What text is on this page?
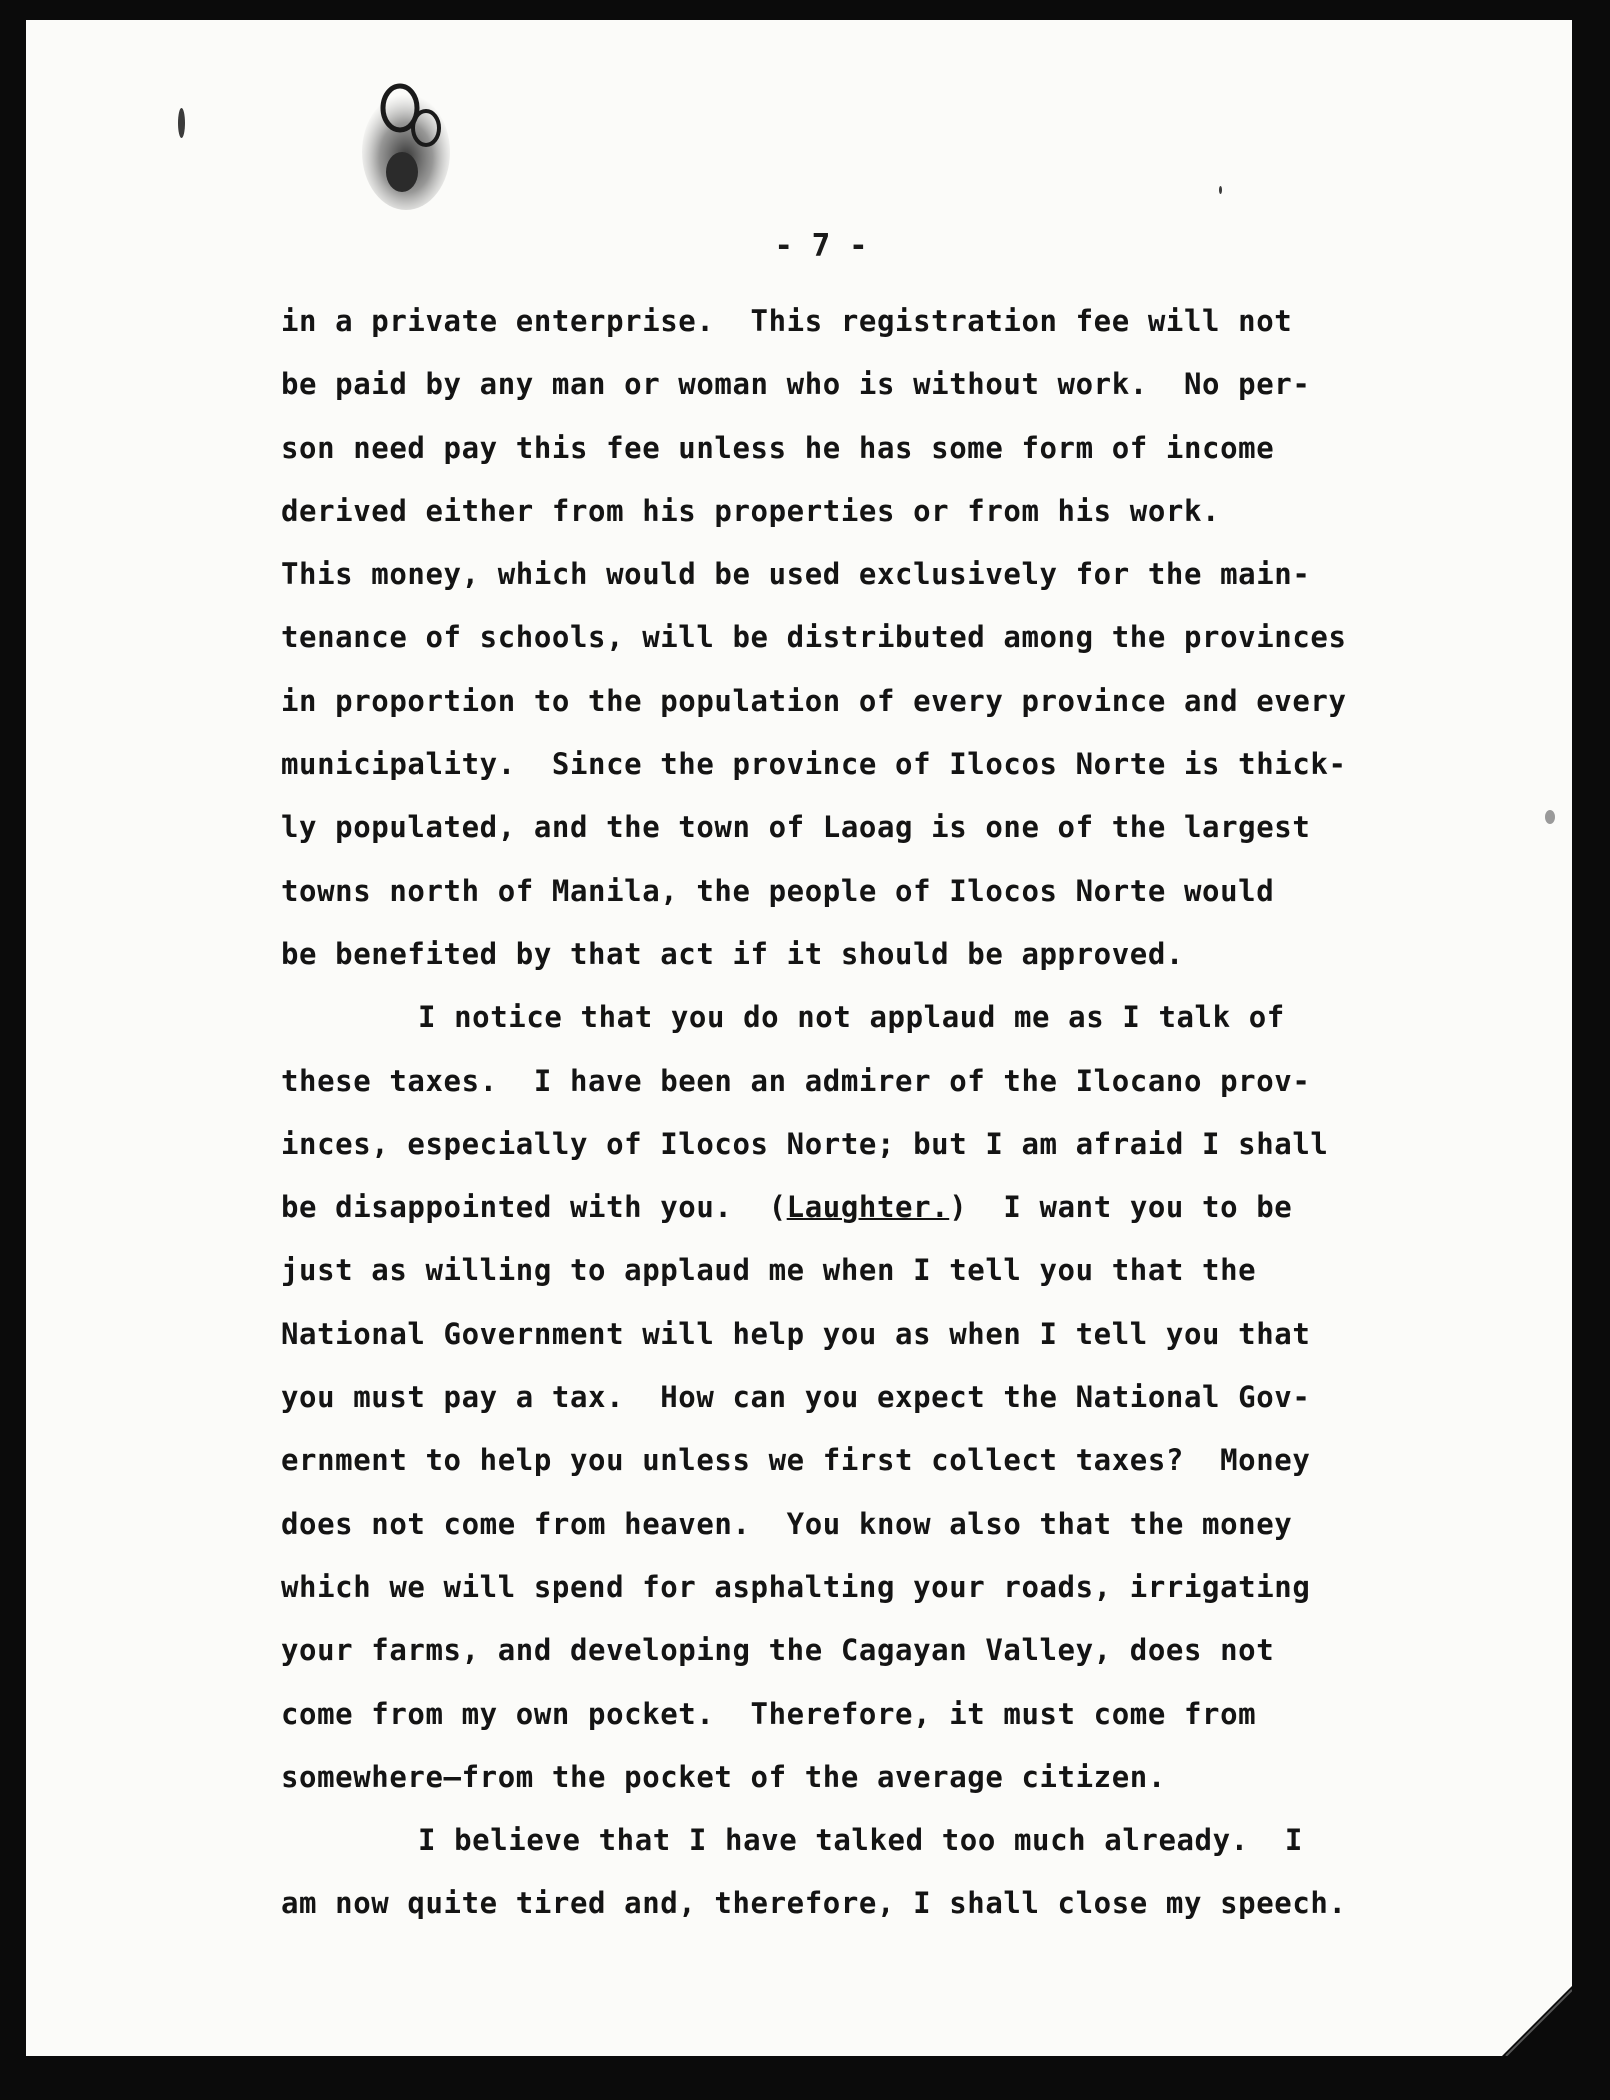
- 7 -
in a private enterprise.  This registration fee will not
be paid by any man or woman who is without work.  No per-
son need pay this fee unless he has some form of income
derived either from his properties or from his work.
This money, which would be used exclusively for the main-
tenance of schools, will be distributed among the provinces
in proportion to the population of every province and every
municipality.  Since the province of Ilocos Norte is thick-
ly populated, and the town of Laoag is one of the largest
towns north of Manila, the people of Ilocos Norte would
be benefited by that act if it should be approved.
I notice that you do not applaud me as I talk of
these taxes.  I have been an admirer of the Ilocano prov-
inces, especially of Ilocos Norte; but I am afraid I shall
be disappointed with you.  (Laughter.)  I want you to be
just as willing to applaud me when I tell you that the
National Government will help you as when I tell you that
you must pay a tax.  How can you expect the National Gov-
ernment to help you unless we first collect taxes?  Money
does not come from heaven.  You know also that the money
which we will spend for asphalting your roads, irrigating
your farms, and developing the Cagayan Valley, does not
come from my own pocket.  Therefore, it must come from
somewhere—from the pocket of the average citizen.
I believe that I have talked too much already.  I
am now quite tired and, therefore, I shall close my speech.
